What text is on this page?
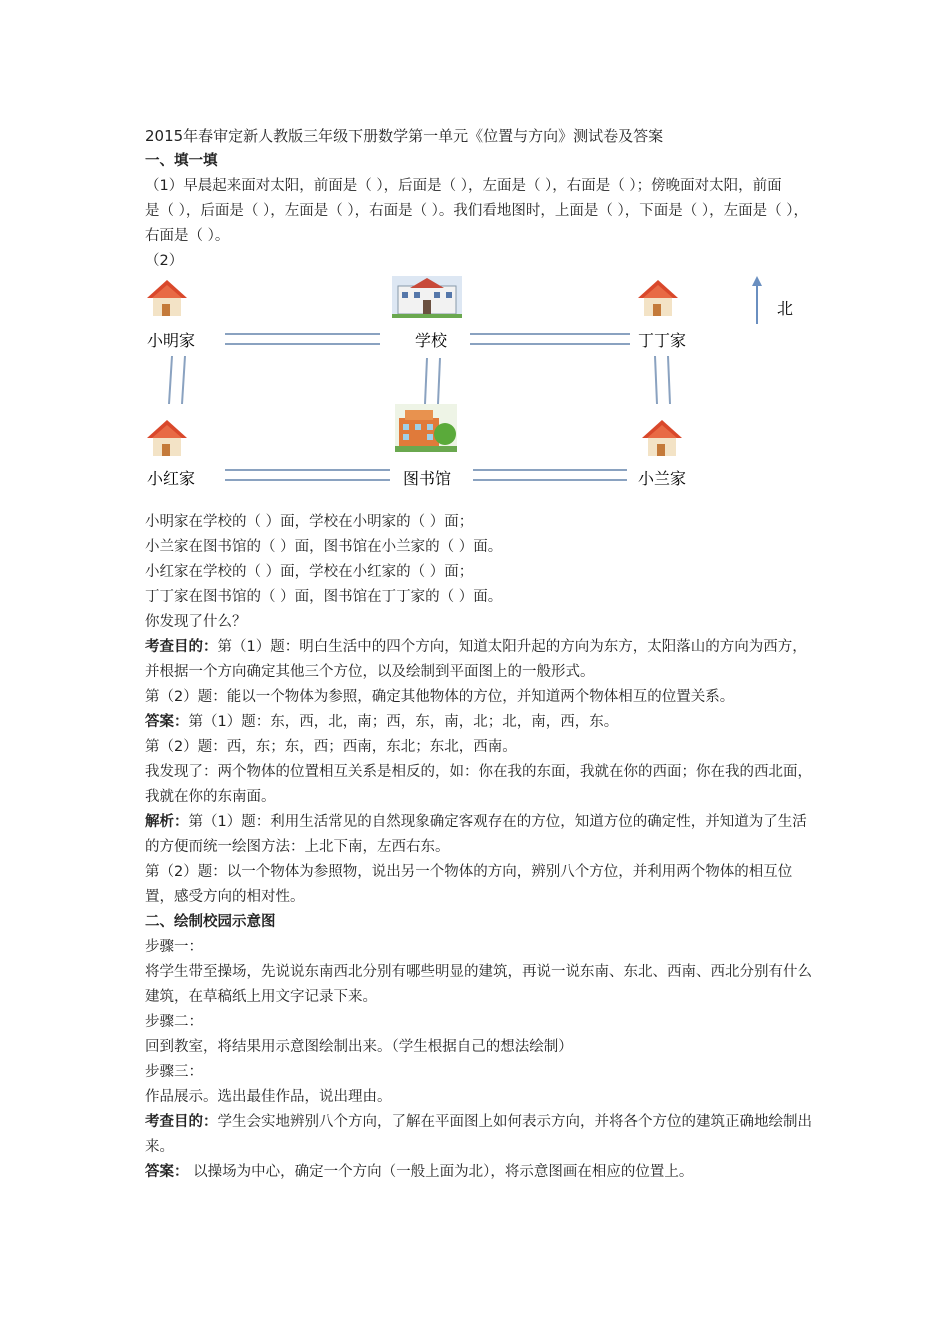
2015年春审定新人教版三年级下册数学第一单元《位置与方向》测试卷及答案
一、填一填
（1）早晨起来面对太阳，前面是（ ），后面是（ ），左面是（ ），右面是（ ）；傍晚面对太阳，前面
是（ ），后面是（ ），左面是（ ），右面是（ ）。我们看地图时，上面是（ ），下面是（ ），左面是（ ），
右面是（ ）。
（2）
小明家	学校	丁丁家
小红家	图书馆	小兰家
北
小明家在学校的（ ）面，学校在小明家的（ ）面；
小兰家在图书馆的（ ）面，图书馆在小兰家的（ ）面。
小红家在学校的（ ）面，学校在小红家的（ ）面；
丁丁家在图书馆的（ ）面，图书馆在丁丁家的（ ）面。
你发现了什么？
考查目的：第（1）题：明白生活中的四个方向，知道太阳升起的方向为东方，太阳落山的方向为西方，并根据一个方向确定其他三个方位，以及绘制到平面图上的一般形式。
第（2）题：能以一个物体为参照，确定其他物体的方位，并知道两个物体相互的位置关系。
答案：第（1）题：东，西，北，南；西，东，南，北；北，南，西，东。
第（2）题：西，东；东，西；西南，东北；东北，西南。
我发现了：两个物体的位置相互关系是相反的，如：你在我的东面，我就在你的西面；你在我的西北面，我就在你的东南面。
解析：第（1）题：利用生活常见的自然现象确定客观存在的方位，知道方位的确定性，并知道为了生活的方便而统一绘图方法：上北下南，左西右东。
第（2）题：以一个物体为参照物，说出另一个物体的方向，辨别八个方位，并利用两个物体的相互位置，感受方向的相对性。
二、绘制校园示意图
步骤一：
将学生带至操场，先说说东南西北分别有哪些明显的建筑，再说一说东南、东北、西南、西北分别有什么建筑，在草稿纸上用文字记录下来。
步骤二：
回到教室，将结果用示意图绘制出来。（学生根据自己的想法绘制）
步骤三：
作品展示。选出最佳作品，说出理由。
考查目的：学生会实地辨别八个方向，了解在平面图上如何表示方向，并将各个方位的建筑正确地绘制出来。
答案： 以操场为中心，确定一个方向（一般上面为北），将示意图画在相应的位置上。
